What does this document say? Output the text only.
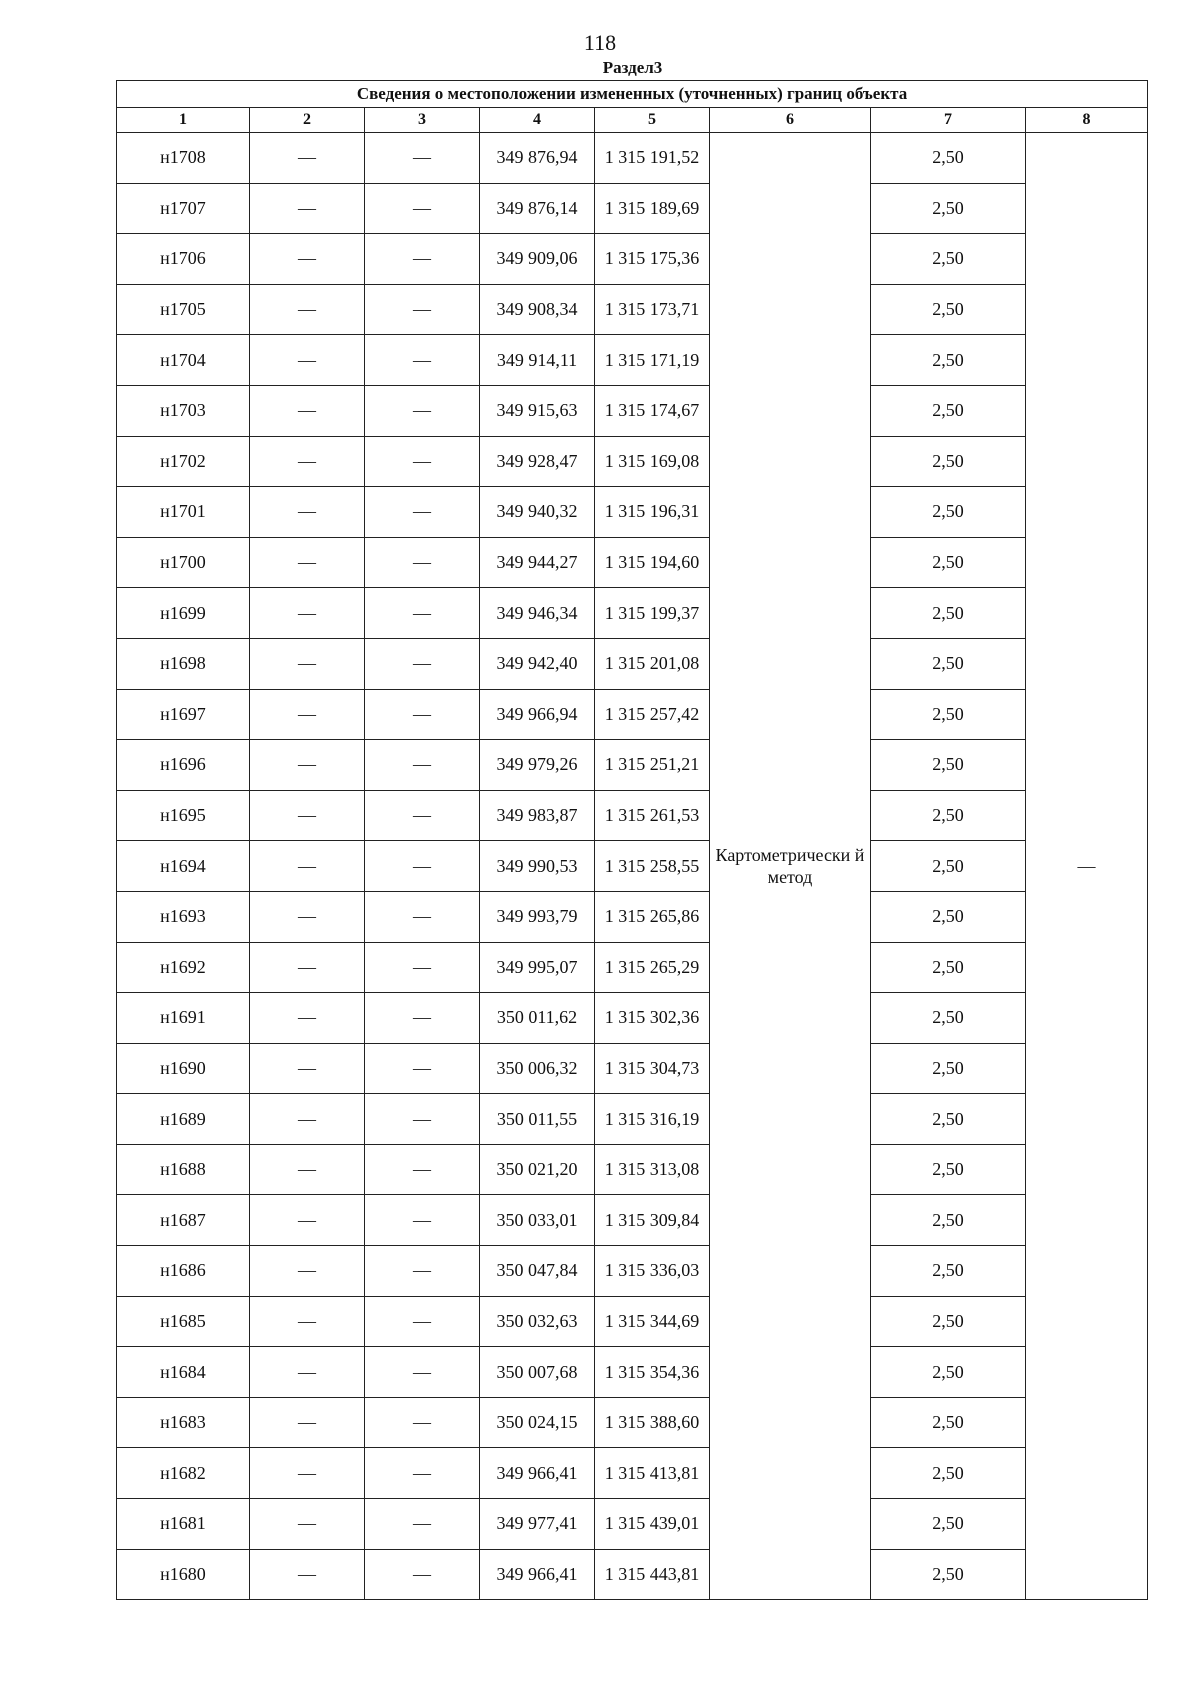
118
Раздел3
Сведения о местоположении измененных (уточненных) границ объекта							
1	2	3	4	5	6	7	8
н1708	—	—	349 876,94	1 315 191,52	Картометрически й метод	2,50	—
н1707	—	—	349 876,14	1 315 189,69		2,50	
н1706	—	—	349 909,06	1 315 175,36		2,50	
н1705	—	—	349 908,34	1 315 173,71		2,50	
н1704	—	—	349 914,11	1 315 171,19		2,50	
н1703	—	—	349 915,63	1 315 174,67		2,50	
н1702	—	—	349 928,47	1 315 169,08		2,50	
н1701	—	—	349 940,32	1 315 196,31		2,50	
н1700	—	—	349 944,27	1 315 194,60		2,50	
н1699	—	—	349 946,34	1 315 199,37		2,50	
н1698	—	—	349 942,40	1 315 201,08		2,50	
н1697	—	—	349 966,94	1 315 257,42		2,50	
н1696	—	—	349 979,26	1 315 251,21		2,50	
н1695	—	—	349 983,87	1 315 261,53		2,50	
н1694	—	—	349 990,53	1 315 258,55		2,50	
н1693	—	—	349 993,79	1 315 265,86		2,50	
н1692	—	—	349 995,07	1 315 265,29		2,50	
н1691	—	—	350 011,62	1 315 302,36		2,50	
н1690	—	—	350 006,32	1 315 304,73		2,50	
н1689	—	—	350 011,55	1 315 316,19		2,50	
н1688	—	—	350 021,20	1 315 313,08		2,50	
н1687	—	—	350 033,01	1 315 309,84		2,50	
н1686	—	—	350 047,84	1 315 336,03		2,50	
н1685	—	—	350 032,63	1 315 344,69		2,50	
н1684	—	—	350 007,68	1 315 354,36		2,50	
н1683	—	—	350 024,15	1 315 388,60		2,50	
н1682	—	—	349 966,41	1 315 413,81		2,50	
н1681	—	—	349 977,41	1 315 439,01		2,50	
н1680	—	—	349 966,41	1 315 443,81		2,50	
